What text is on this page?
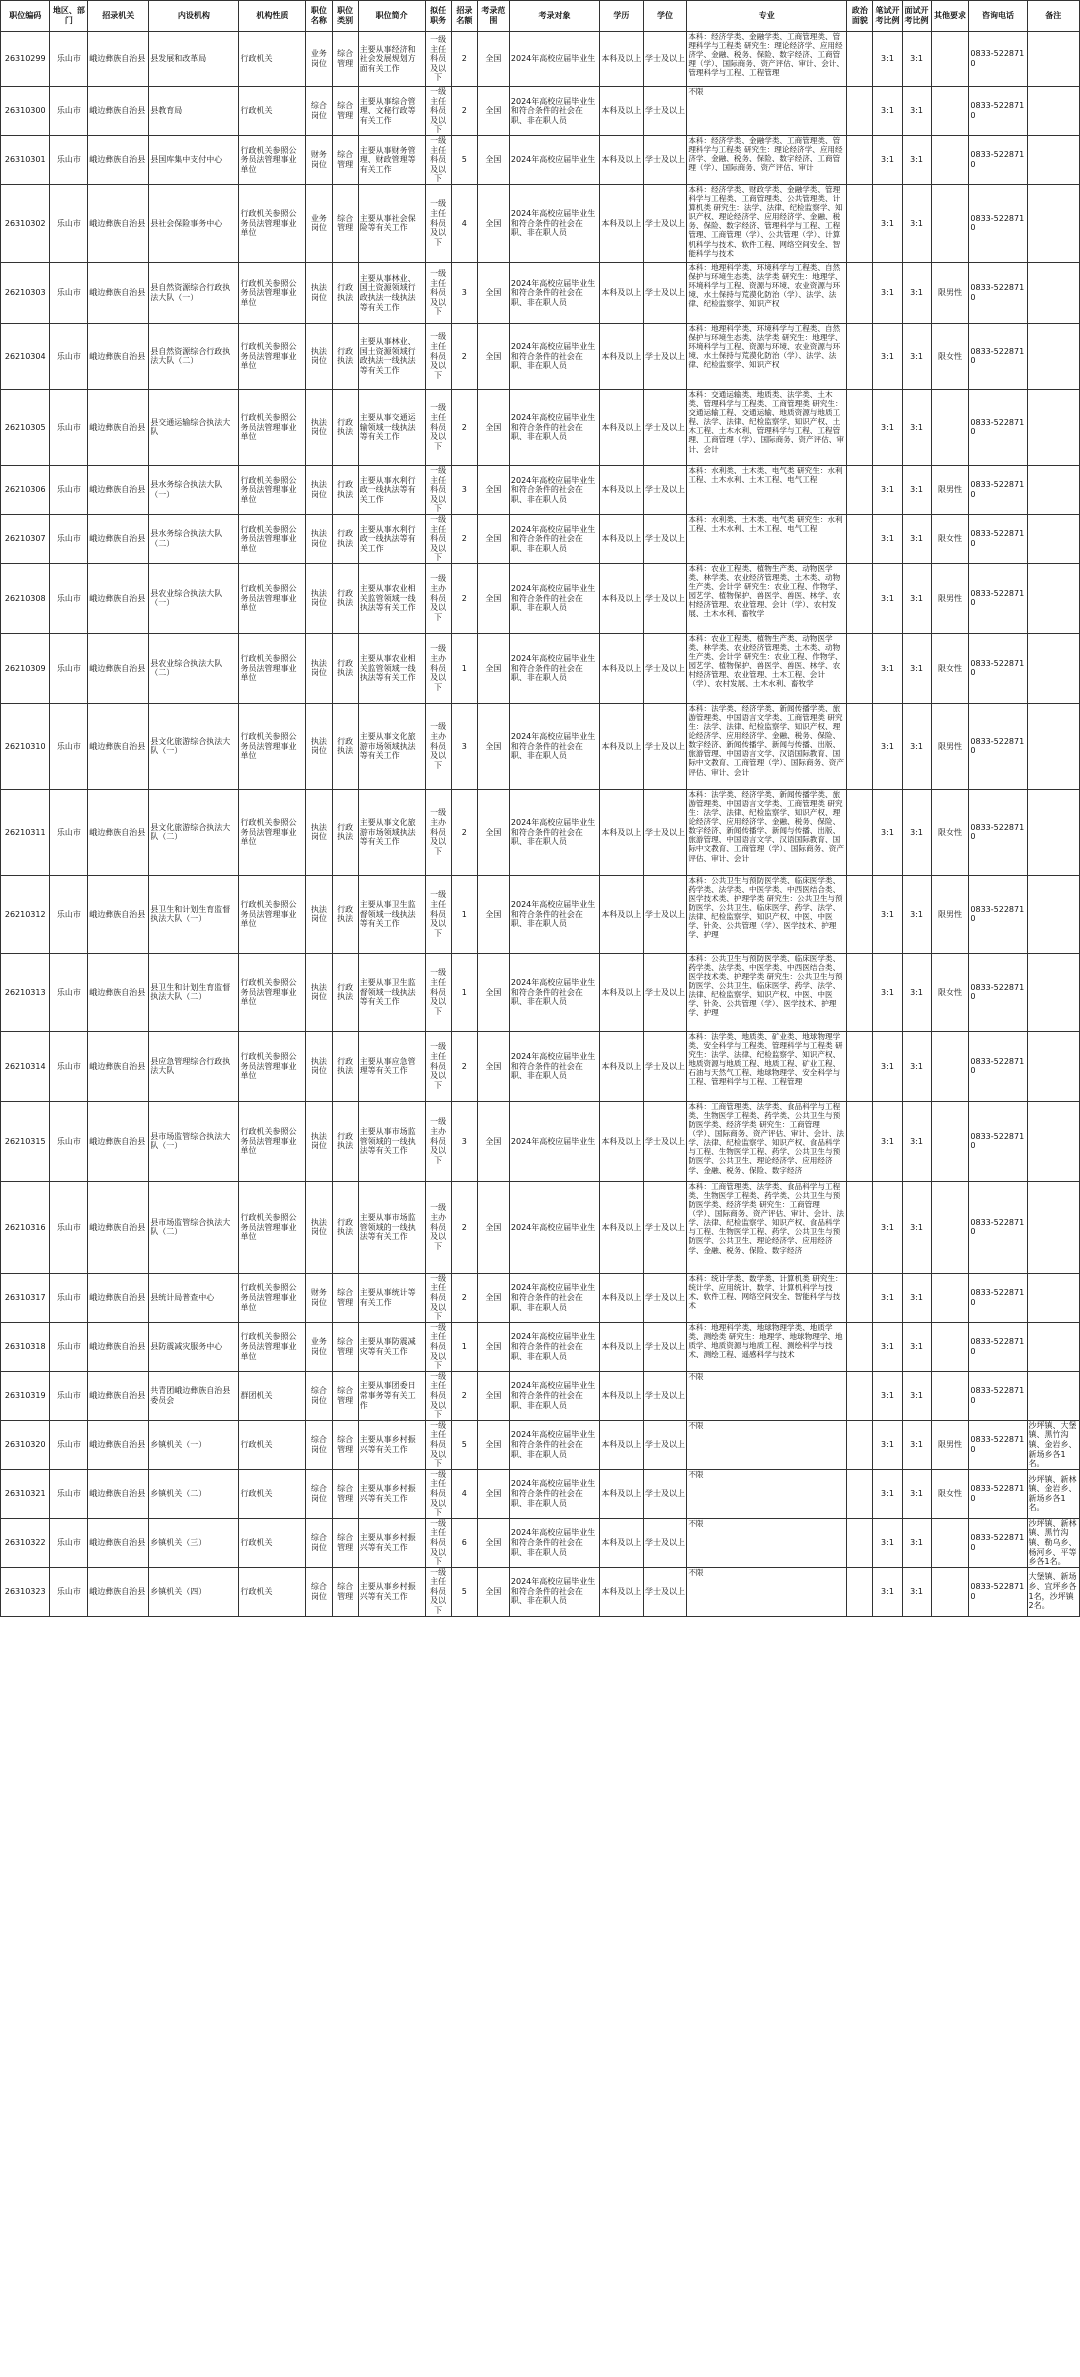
职位编码	地区、部门	招录机关	内设机构	机构性质	职位名称	职位类别	职位简介	拟任职务	招录名额	考录范围	考录对象	学历	学位	专业	政治面貌	笔试开考比例	面试开考比例	其他要求	咨询电话	备注
26310299	乐山市	峨边彝族自治县	县发展和改革局	行政机关	业务岗位	综合管理	主要从事经济和社会发展规划方面有关工作	一级主任科员及以下	2	全国	2024年高校应届毕业生	本科及以上	学士及以上	本科：经济学类、金融学类、工商管理类、管理科学与工程类 研究生：理论经济学、应用经济学、金融、税务、保险、数字经济、工商管理（学）、国际商务、资产评估、审计、会计、管理科学与工程、工程管理		3:1	3:1		0833-5228710	
26310300	乐山市	峨边彝族自治县	县教育局	行政机关	综合岗位	综合管理	主要从事综合管理、文秘行政等有关工作	一级主任科员及以下	2	全国	2024年高校应届毕业生和符合条件的社会在职、非在职人员	本科及以上	学士及以上	不限		3:1	3:1		0833-5228710	
26310301	乐山市	峨边彝族自治县	县国库集中支付中心	行政机关参照公务员法管理事业单位	财务岗位	综合管理	主要从事财务管理、财政管理等有关工作	一级主任科员及以下	5	全国	2024年高校应届毕业生	本科及以上	学士及以上	本科：经济学类、金融学类、工商管理类、管理科学与工程类 研究生：理论经济学、应用经济学、金融、税务、保险、数字经济、工商管理（学）、国际商务、资产评估、审计		3:1	3:1		0833-5228710	
26310302	乐山市	峨边彝族自治县	县社会保险事务中心	行政机关参照公务员法管理事业单位	业务岗位	综合管理	主要从事社会保险等有关工作	一级主任科员及以下	4	全国	2024年高校应届毕业生和符合条件的社会在职、非在职人员	本科及以上	学士及以上	本科：经济学类、财政学类、金融学类、管理科学与工程类、工商管理类、公共管理类、计算机类 研究生：法学、法律、纪检监察学、知识产权、理论经济学、应用经济学、金融、税务、保险、数字经济、管理科学与工程、工程管理、工商管理（学）、公共管理（学）、计算机科学与技术、软件工程、网络空间安全、智能科学与技术		3:1	3:1		0833-5228710	
26210303	乐山市	峨边彝族自治县	县自然资源综合行政执法大队（一）	行政机关参照公务员法管理事业单位	执法岗位	行政执法	主要从事林业、国土资源领域行政执法一线执法等有关工作	一级主任科员及以下	3	全国	2024年高校应届毕业生和符合条件的社会在职、非在职人员	本科及以上	学士及以上	本科：地理科学类、环境科学与工程类、自然保护与环境生态类、法学类 研究生：地理学、环境科学与工程、资源与环境、农业资源与环境、水土保持与荒漠化防治（学）、法学、法律、纪检监察学、知识产权		3:1	3:1	限男性	0833-5228710	
26210304	乐山市	峨边彝族自治县	县自然资源综合行政执法大队（二）	行政机关参照公务员法管理事业单位	执法岗位	行政执法	主要从事林业、国土资源领域行政执法一线执法等有关工作	一级主任科员及以下	2	全国	2024年高校应届毕业生和符合条件的社会在职、非在职人员	本科及以上	学士及以上	本科：地理科学类、环境科学与工程类、自然保护与环境生态类、法学类 研究生：地理学、环境科学与工程、资源与环境、农业资源与环境、水土保持与荒漠化防治（学）、法学、法律、纪检监察学、知识产权		3:1	3:1	限女性	0833-5228710	
26210305	乐山市	峨边彝族自治县	县交通运输综合执法大队	行政机关参照公务员法管理事业单位	执法岗位	行政执法	主要从事交通运输领域一线执法等有关工作	一级主任科员及以下	2	全国	2024年高校应届毕业生和符合条件的社会在职、非在职人员	本科及以上	学士及以上	本科：交通运输类、地质类、法学类、土木类、管理科学与工程类、工商管理类 研究生：交通运输工程、交通运输、地质资源与地质工程、法学、法律、纪检监察学、知识产权、土木工程、土木水利、管理科学与工程、工程管理、工商管理（学）、国际商务、资产评估、审计、会计		3:1	3:1		0833-5228710	
26210306	乐山市	峨边彝族自治县	县水务综合执法大队（一）	行政机关参照公务员法管理事业单位	执法岗位	行政执法	主要从事水利行政一线执法等有关工作	一级主任科员及以下	3	全国	2024年高校应届毕业生和符合条件的社会在职、非在职人员	本科及以上	学士及以上	本科：水利类、土木类、电气类 研究生：水利工程、土木水利、土木工程、电气工程		3:1	3:1	限男性	0833-5228710	
26210307	乐山市	峨边彝族自治县	县水务综合执法大队（二）	行政机关参照公务员法管理事业单位	执法岗位	行政执法	主要从事水利行政一线执法等有关工作	一级主任科员及以下	2	全国	2024年高校应届毕业生和符合条件的社会在职、非在职人员	本科及以上	学士及以上	本科：水利类、土木类、电气类 研究生：水利工程、土木水利、土木工程、电气工程		3:1	3:1	限女性	0833-5228710	
26210308	乐山市	峨边彝族自治县	县农业综合执法大队（一）	行政机关参照公务员法管理事业单位	执法岗位	行政执法	主要从事农业相关监管领域一线执法等有关工作	一级主办科员及以下	2	全国	2024年高校应届毕业生和符合条件的社会在职、非在职人员	本科及以上	学士及以上	本科：农业工程类、植物生产类、动物医学类、林学类、农业经济管理类、土木类、动物生产类、会计学 研究生：农业工程、作物学、园艺学、植物保护、兽医学、兽医、林学、农村经济管理、农业管理、会计（学）、农村发展、土木水利、畜牧学		3:1	3:1	限男性	0833-5228710	
26210309	乐山市	峨边彝族自治县	县农业综合执法大队（二）	行政机关参照公务员法管理事业单位	执法岗位	行政执法	主要从事农业相关监管领域一线执法等有关工作	一级主办科员及以下	1	全国	2024年高校应届毕业生和符合条件的社会在职、非在职人员	本科及以上	学士及以上	本科：农业工程类、植物生产类、动物医学类、林学类、农业经济管理类、土木类、动物生产类、会计学 研究生：农业工程、作物学、园艺学、植物保护、兽医学、兽医、林学、农村经济管理、农业管理、土木工程、会计（学）、农村发展、土木水利、畜牧学		3:1	3:1	限女性	0833-5228710	
26210310	乐山市	峨边彝族自治县	县文化旅游综合执法大队（一）	行政机关参照公务员法管理事业单位	执法岗位	行政执法	主要从事文化旅游市场领域执法等有关工作	一级主办科员及以下	3	全国	2024年高校应届毕业生和符合条件的社会在职、非在职人员	本科及以上	学士及以上	本科：法学类、经济学类、新闻传播学类、旅游管理类、中国语言文学类、工商管理类 研究生：法学、法律、纪检监察学、知识产权、理论经济学、应用经济学、金融、税务、保险、数字经济、新闻传播学、新闻与传播、出版、旅游管理、中国语言文学、汉语国际教育、国际中文教育、工商管理（学）、国际商务、资产评估、审计、会计		3:1	3:1	限男性	0833-5228710	
26210311	乐山市	峨边彝族自治县	县文化旅游综合执法大队（二）	行政机关参照公务员法管理事业单位	执法岗位	行政执法	主要从事文化旅游市场领域执法等有关工作	一级主办科员及以下	2	全国	2024年高校应届毕业生和符合条件的社会在职、非在职人员	本科及以上	学士及以上	本科：法学类、经济学类、新闻传播学类、旅游管理类、中国语言文学类、工商管理类 研究生：法学、法律、纪检监察学、知识产权、理论经济学、应用经济学、金融、税务、保险、数字经济、新闻传播学、新闻与传播、出版、旅游管理、中国语言文学、汉语国际教育、国际中文教育、工商管理（学）、国际商务、资产评估、审计、会计		3:1	3:1	限女性	0833-5228710	
26210312	乐山市	峨边彝族自治县	县卫生和计划生育监督执法大队（一）	行政机关参照公务员法管理事业单位	执法岗位	行政执法	主要从事卫生监督领域一线执法等有关工作	一级主任科员及以下	1	全国	2024年高校应届毕业生和符合条件的社会在职、非在职人员	本科及以上	学士及以上	本科：公共卫生与预防医学类、临床医学类、药学类、法学类、中医学类、中西医结合类、医学技术类、护理学类 研究生：公共卫生与预防医学、公共卫生、临床医学、药学、法学、法律、纪检监察学、知识产权、中医、中医学、针灸、公共管理（学）、医学技术、护理学、护理		3:1	3:1	限男性	0833-5228710	
26210313	乐山市	峨边彝族自治县	县卫生和计划生育监督执法大队（二）	行政机关参照公务员法管理事业单位	执法岗位	行政执法	主要从事卫生监督领域一线执法等有关工作	一级主任科员及以下	1	全国	2024年高校应届毕业生和符合条件的社会在职、非在职人员	本科及以上	学士及以上	本科：公共卫生与预防医学类、临床医学类、药学类、法学类、中医学类、中西医结合类、医学技术类、护理学类 研究生：公共卫生与预防医学、公共卫生、临床医学、药学、法学、法律、纪检监察学、知识产权、中医、中医学、针灸、公共管理（学）、医学技术、护理学、护理		3:1	3:1	限女性	0833-5228710	
26210314	乐山市	峨边彝族自治县	县应急管理综合行政执法大队	行政机关参照公务员法管理事业单位	执法岗位	行政执法	主要从事应急管理等有关工作	一级主任科员及以下	2	全国	2024年高校应届毕业生和符合条件的社会在职、非在职人员	本科及以上	学士及以上	本科：法学类、地质类、矿业类、地球物理学类、安全科学与工程类、管理科学与工程类 研究生：法学、法律、纪检监察学、知识产权、地质资源与地质工程、地质工程、矿业工程、石油与天然气工程、地球物理学、安全科学与工程、管理科学与工程、工程管理		3:1	3:1		0833-5228710	
26210315	乐山市	峨边彝族自治县	县市场监管综合执法大队（一）	行政机关参照公务员法管理事业单位	执法岗位	行政执法	主要从事市场监管领域的一线执法等有关工作	一级主办科员及以下	3	全国	2024年高校应届毕业生	本科及以上	学士及以上	本科：工商管理类、法学类、食品科学与工程类、生物医学工程类、药学类、公共卫生与预防医学类、经济学类 研究生：工商管理（学）、国际商务、资产评估、审计、会计、法学、法律、纪检监察学、知识产权、食品科学与工程、生物医学工程、药学、公共卫生与预防医学、公共卫生、理论经济学、应用经济学、金融、税务、保险、数字经济		3:1	3:1		0833-5228710	
26210316	乐山市	峨边彝族自治县	县市场监管综合执法大队（二）	行政机关参照公务员法管理事业单位	执法岗位	行政执法	主要从事市场监管领域的一线执法等有关工作	一级主办科员及以下	2	全国	2024年高校应届毕业生	本科及以上	学士及以上	本科：工商管理类、法学类、食品科学与工程类、生物医学工程类、药学类、公共卫生与预防医学类、经济学类 研究生：工商管理（学）、国际商务、资产评估、审计、会计、法学、法律、纪检监察学、知识产权、食品科学与工程、生物医学工程、药学、公共卫生与预防医学、公共卫生、理论经济学、应用经济学、金融、税务、保险、数字经济		3:1	3:1		0833-5228710	
26310317	乐山市	峨边彝族自治县	县统计局普查中心	行政机关参照公务员法管理事业单位	财务岗位	综合管理	主要从事统计等有关工作	一级主任科员及以下	2	全国	2024年高校应届毕业生和符合条件的社会在职、非在职人员	本科及以上	学士及以上	本科：统计学类、数学类、计算机类 研究生：统计学、应用统计、数学、计算机科学与技术、软件工程、网络空间安全、智能科学与技术		3:1	3:1		0833-5228710	
26310318	乐山市	峨边彝族自治县	县防震减灾服务中心	行政机关参照公务员法管理事业单位	业务岗位	综合管理	主要从事防震减灾等有关工作	一级主任科员及以下	1	全国	2024年高校应届毕业生和符合条件的社会在职、非在职人员	本科及以上	学士及以上	本科：地理科学类、地球物理学类、地质学类、测绘类 研究生：地理学、地球物理学、地质学、地质资源与地质工程、测绘科学与技术、测绘工程、遥感科学与技术		3:1	3:1		0833-5228710	
26310319	乐山市	峨边彝族自治县	共青团峨边彝族自治县委员会	群团机关	综合岗位	综合管理	主要从事团委日常事务等有关工作	一级主任科员及以下	2	全国	2024年高校应届毕业生和符合条件的社会在职、非在职人员	本科及以上	学士及以上	不限		3:1	3:1		0833-5228710	
26310320	乐山市	峨边彝族自治县	乡镇机关（一）	行政机关	综合岗位	综合管理	主要从事乡村振兴等有关工作	一级主任科员及以下	5	全国	2024年高校应届毕业生和符合条件的社会在职、非在职人员	本科及以上	学士及以上	不限		3:1	3:1	限男性	0833-5228710	沙坪镇、大堡镇、黑竹沟镇、金岩乡、新场乡各1名。
26310321	乐山市	峨边彝族自治县	乡镇机关（二）	行政机关	综合岗位	综合管理	主要从事乡村振兴等有关工作	一级主任科员及以下	4	全国	2024年高校应届毕业生和符合条件的社会在职、非在职人员	本科及以上	学士及以上	不限		3:1	3:1	限女性	0833-5228710	沙坪镇、新林镇、金岩乡、新场乡各1名。
26310322	乐山市	峨边彝族自治县	乡镇机关（三）	行政机关	综合岗位	综合管理	主要从事乡村振兴等有关工作	一级主任科员及以下	6	全国	2024年高校应届毕业生和符合条件的社会在职、非在职人员	本科及以上	学士及以上	不限		3:1	3:1		0833-5228710	沙坪镇、新林镇、黑竹沟镇、勒乌乡、杨河乡、平等乡各1名。
26310323	乐山市	峨边彝族自治县	乡镇机关（四）	行政机关	综合岗位	综合管理	主要从事乡村振兴等有关工作	一级主任科员及以下	5	全国	2024年高校应届毕业生和符合条件的社会在职、非在职人员	本科及以上	学士及以上	不限		3:1	3:1		0833-5228710	大堡镇、新场乡、宜坪乡各1名，沙坪镇2名。
